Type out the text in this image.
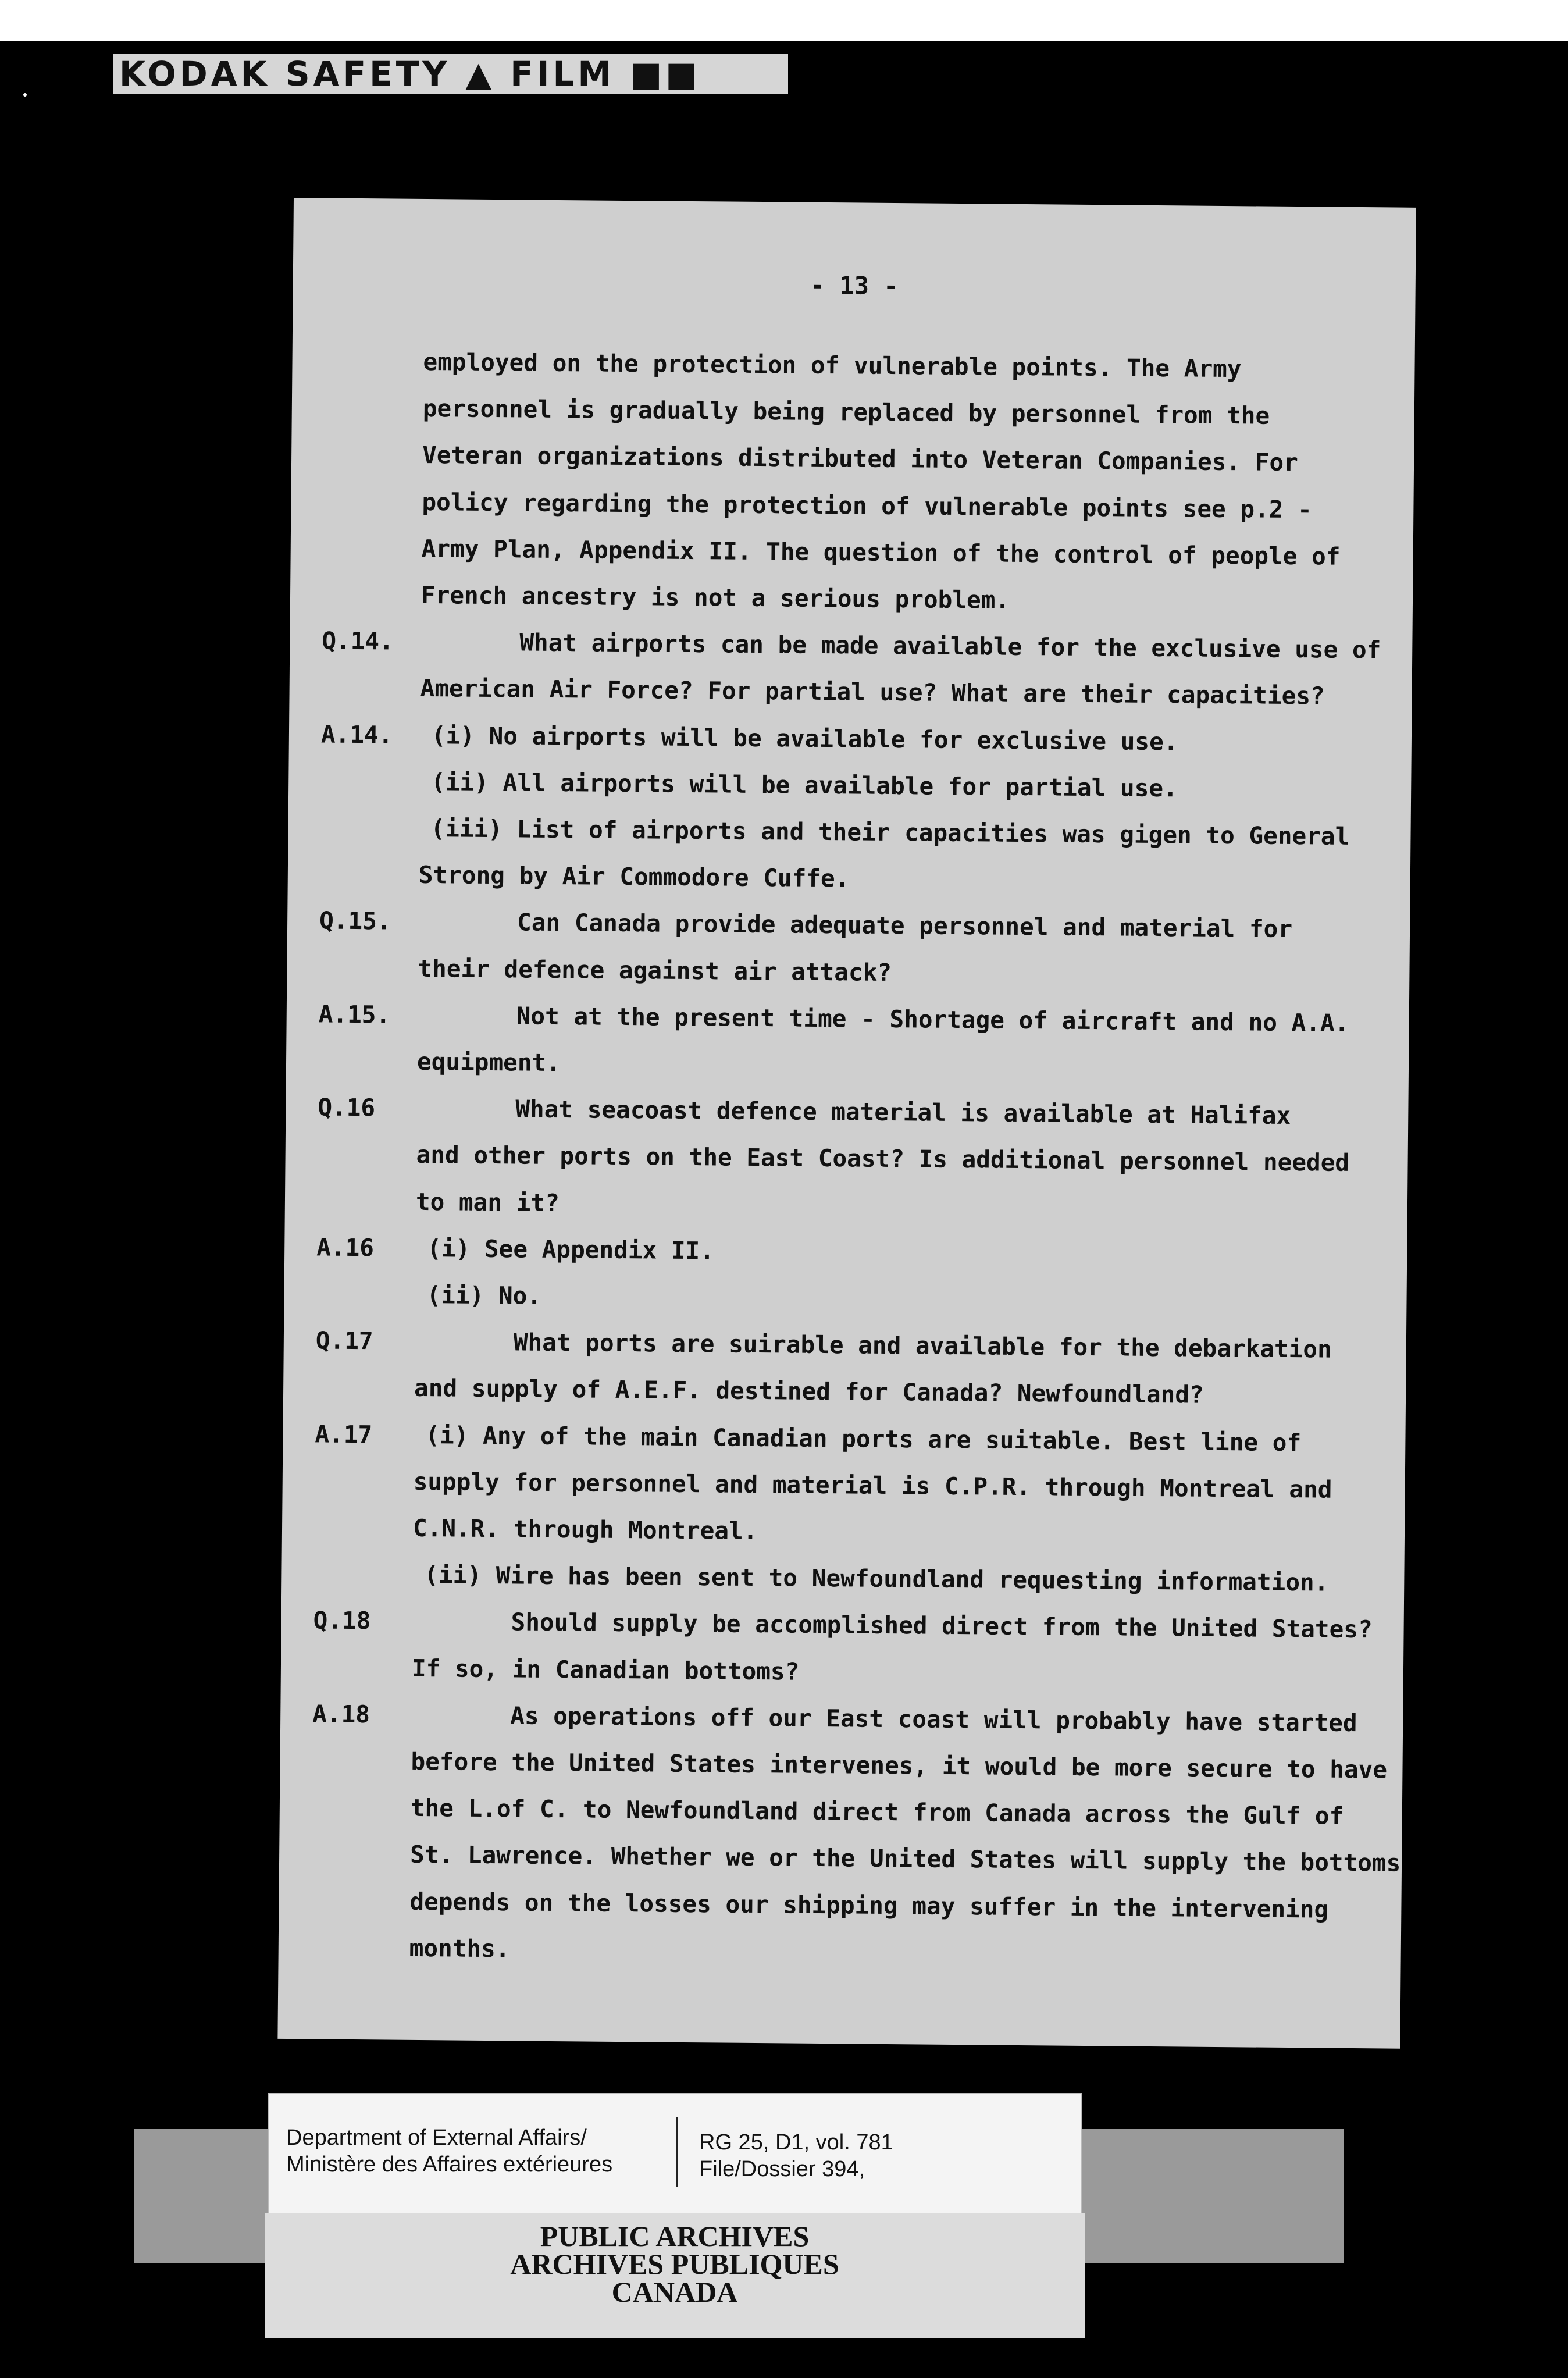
KODAK SAFETY ▲ FILM ■■
- 13 -
employed on the protection of vulnerable points. The Army
personnel is gradually being replaced by personnel from the
Veteran organizations distributed into Veteran Companies. For
policy regarding the protection of vulnerable points see p.2 -
Army Plan, Appendix II. The question of the control of people of
French ancestry is not a serious problem.
Q.14.	What airports can be made available for the exclusive use of
American Air Force? For partial use? What are their capacities?
A.14. (i) No airports will be available for exclusive use.
(ii) All airports will be available for partial use.
(iii) List of airports and their capacities was gigen to General
Strong by Air Commodore Cuffe.
Q.15.	Can Canada provide adequate personnel and material for
their defence against air attack?
A.15.	Not at the present time - Shortage of aircraft and no A.A.
equipment.
Q.16	What seacoast defence material is available at Halifax
and other ports on the East Coast? Is additional personnel needed
to man it?
A.16 (i) See Appendix II.
(ii) No.
Q.17	What ports are suirable and available for the debarkation
and supply of A.E.F. destined for Canada? Newfoundland?
A.17 (i) Any of the main Canadian ports are suitable. Best line of
supply for personnel and material is C.P.R. through Montreal and
C.N.R. through Montreal.
(ii) Wire has been sent to Newfoundland requesting information.
Q.18	Should supply be accomplished direct from the United States?
If so, in Canadian bottoms?
A.18	As operations off our East coast will probably have started
before the United States intervenes, it would be more secure to have
the L.of C. to Newfoundland direct from Canada across the Gulf of
St. Lawrence. Whether we or the United States will supply the bottoms
depends on the losses our shipping may suffer in the intervening
months.
Department of External Affairs/
Ministère des Affaires extérieures
RG 25, D1, vol. 781
File/Dossier 394,
PUBLIC ARCHIVES
ARCHIVES PUBLIQUES
CANADA
